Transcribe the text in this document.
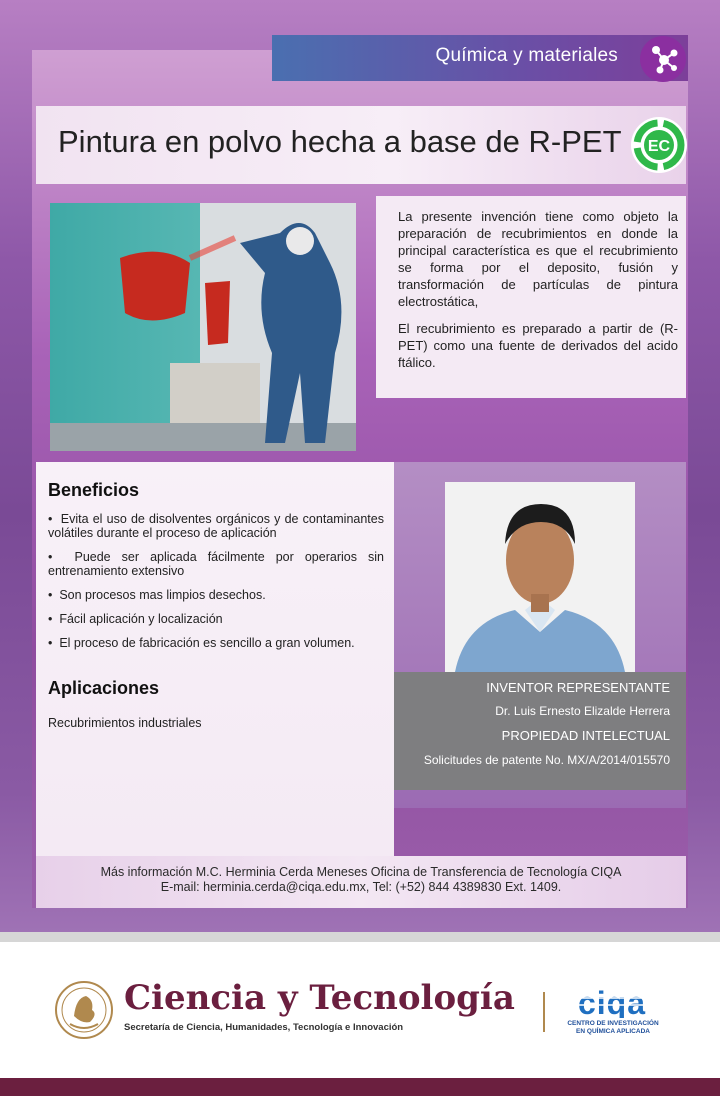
Química y materiales
Pintura en polvo hecha a base de R-PET EC

La presente invención tiene como objeto la preparación de recubrimientos en donde la principal característica es que el recubrimiento se forma por el deposito, fusión y transformación de partículas de pintura electrostática,

El recubrimiento es preparado a partir de (R-PET) como una fuente de derivados del acido ftálico.

Beneficios
•  Evita el uso de disolventes orgánicos y de contaminantes volátiles durante el proceso de aplicación
•  Puede ser aplicada fácilmente por operarios sin entrenamiento extensivo
•  Son procesos mas limpios desechos.
•  Fácil aplicación y localización
•  El proceso de fabricación es sencillo a gran volumen.
Aplicaciones
Recubrimientos industriales
INVENTOR REPRESENTANTE
Dr. Luis Ernesto Elizalde Herrera
PROPIEDAD INTELECTUAL
Solicitudes de patente No. MX/A/2014/015570
Más información M.C. Herminia Cerda Meneses Oficina de Transferencia de Tecnología CIQA
E-mail: herminia.cerda@ciqa.edu.mx, Tel: (+52) 844 4389830 Ext. 1409.
Ciencia y Tecnología
Secretaría de Ciencia, Humanidades, Tecnología e Innovación
ciqa
CENTRO DE INVESTIGACIÓN
EN QUÍMICA APLICADA
